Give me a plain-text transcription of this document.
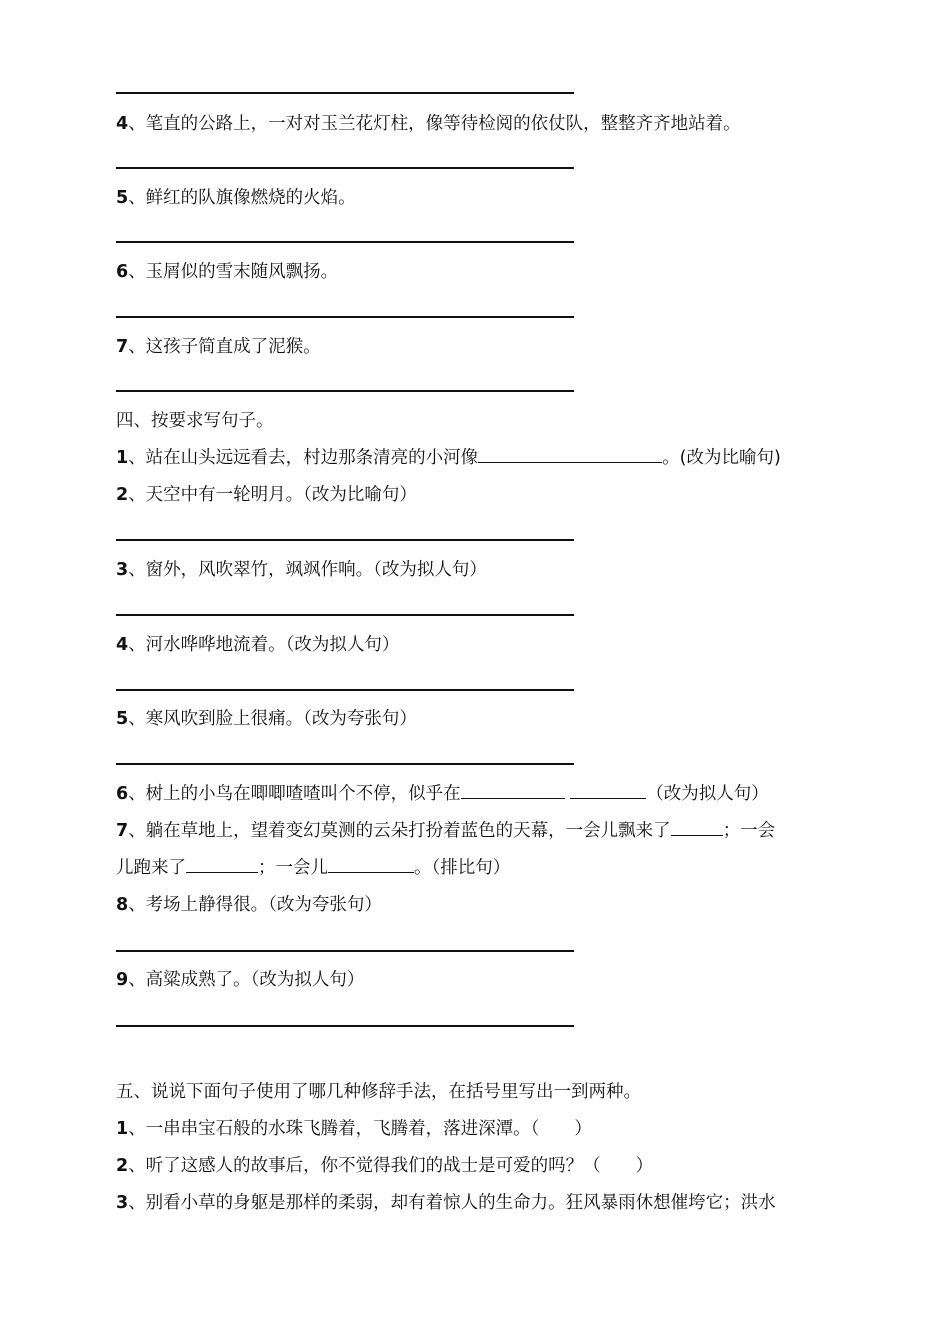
4、笔直的公路上，一对对玉兰花灯柱，像等待检阅的依仗队，整整齐齐地站着。
5、鲜红的队旗像燃烧的火焰。
6、玉屑似的雪末随风飘扬。
7、这孩子简直成了泥猴。
四、按要求写句子。
1、站在山头远远看去，村边那条清亮的小河像	。(改为比喻句)
2、天空中有一轮明月。（改为比喻句）
3、窗外，风吹翠竹，飒飒作响。（改为拟人句）
4、河水哗哗地流着。（改为拟人句）
5、寒风吹到脸上很痛。（改为夸张句）
6、树上的小鸟在唧唧喳喳叫个不停，似乎在	（改为拟人句）
7、躺在草地上，望着变幻莫测的云朵打扮着蓝色的天幕，一会儿飘来了	；一会
儿跑来了	；一会儿	。（排比句）
8、考场上静得很。（改为夸张句）
9、高粱成熟了。（改为拟人句）
五、说说下面句子使用了哪几种修辞手法，在括号里写出一到两种。
1、一串串宝石般的水珠飞腾着，飞腾着，落进深潭。（　　）
2、听了这感人的故事后，你不觉得我们的战士是可爱的吗？（　　）
3、别看小草的身躯是那样的柔弱，却有着惊人的生命力。狂风暴雨休想催垮它；洪水
